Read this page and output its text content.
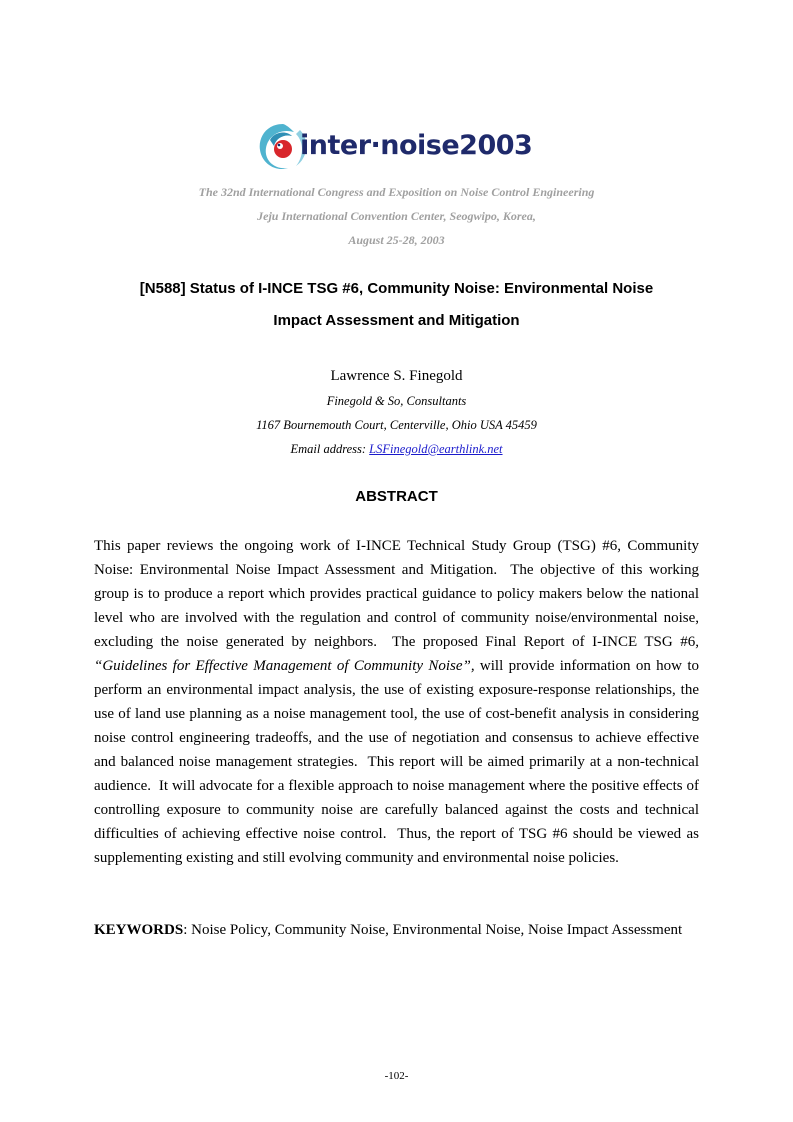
inter·noise2003
The 32nd International Congress and Exposition on Noise Control Engineering
Jeju International Convention Center, Seogwipo, Korea,
August 25-28, 2003
[N588] Status of I-INCE TSG #6, Community Noise: Environmental Noise
Impact Assessment and Mitigation
Lawrence S. Finegold
Finegold & So, Consultants
1167 Bournemouth Court, Centerville, Ohio USA 45459
Email address: LSFinegold@earthlink.net
ABSTRACT
This paper reviews the ongoing work of I-INCE Technical Study Group (TSG) #6, Community Noise: Environmental Noise Impact Assessment and Mitigation.  The objective of this working group is to produce a report which provides practical guidance to policy makers below the national level who are involved with the regulation and control of community noise/environmental noise, excluding the noise generated by neighbors.  The proposed Final Report of I-INCE TSG #6, “Guidelines for Effective Management of Community Noise”, will provide information on how to perform an environmental impact analysis, the use of existing exposure-response relationships, the use of land use planning as a noise management tool, the use of cost-benefit analysis in considering noise control engineering tradeoffs, and the use of negotiation and consensus to achieve effective and balanced noise management strategies.  This report will be aimed primarily at a non-technical audience.  It will advocate for a flexible approach to noise management where the positive effects of controlling exposure to community noise are carefully balanced against the costs and technical difficulties of achieving effective noise control.  Thus, the report of TSG #6 should be viewed as supplementing existing and still evolving community and environmental noise policies.
KEYWORDS: Noise Policy, Community Noise, Environmental Noise, Noise Impact Assessment
-102-
